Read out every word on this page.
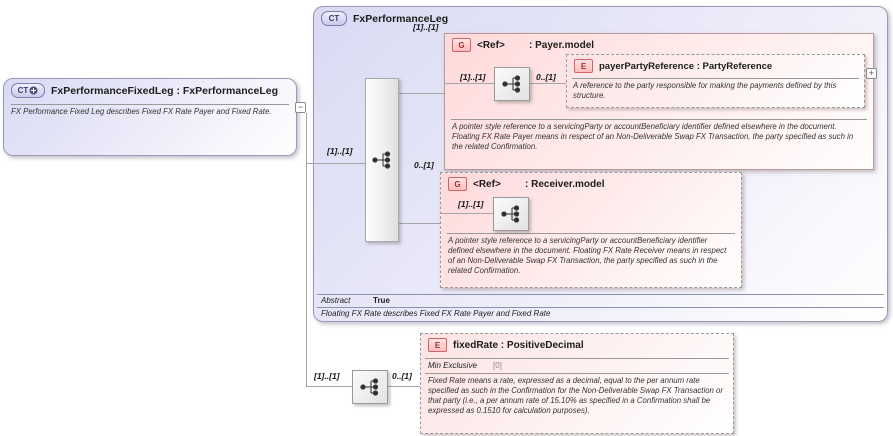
CT FxPerformanceFixedLeg : FxPerformanceLeg
FX Performance Fixed Leg describes Fixed FX Rate Payer and Fixed Rate.	−
CT FxPerformanceLeg
Abstract	True
Floating FX Rate describes Fixed FX Rate Payer and Fixed Rate
[1]..[1]
[1]..[1]
0..[1]
G	<Ref>	: Payer.model
[1]..[1]	0..[1]
E	payerPartyReference : PartyReference
A reference to the party responsible for making the payments defined by this structure.
A pointer style reference to a servicingParty or accountBeneficiary identifier defined elsewhere in the document. Floating FX Rate Payer means in respect of an Non-Deliverable Swap FX Transaction, the party specified as such in the related Confirmation.
+
G	<Ref>	: Receiver.model
[1]..[1]
A pointer style reference to a servicingParty or accountBeneficiary identifier defined elsewhere in the document. Floating FX Rate Receiver means in respect of an Non-Deliverable Swap FX Transaction, the party specified as such in the related Confirmation.
[1]..[1]	0..[1]
E	fixedRate : PositiveDecimal
Min Exclusive [0]
Fixed Rate means a rate, expressed as a decimal, equal to the per annum rate specified as such in the Confirmation for the Non-Deliverable Swap FX Transaction or that party (i.e., a per annum rate of 15.10% as specified in a Confirmation shall be expressed as 0.1510 for calculation purposes).
